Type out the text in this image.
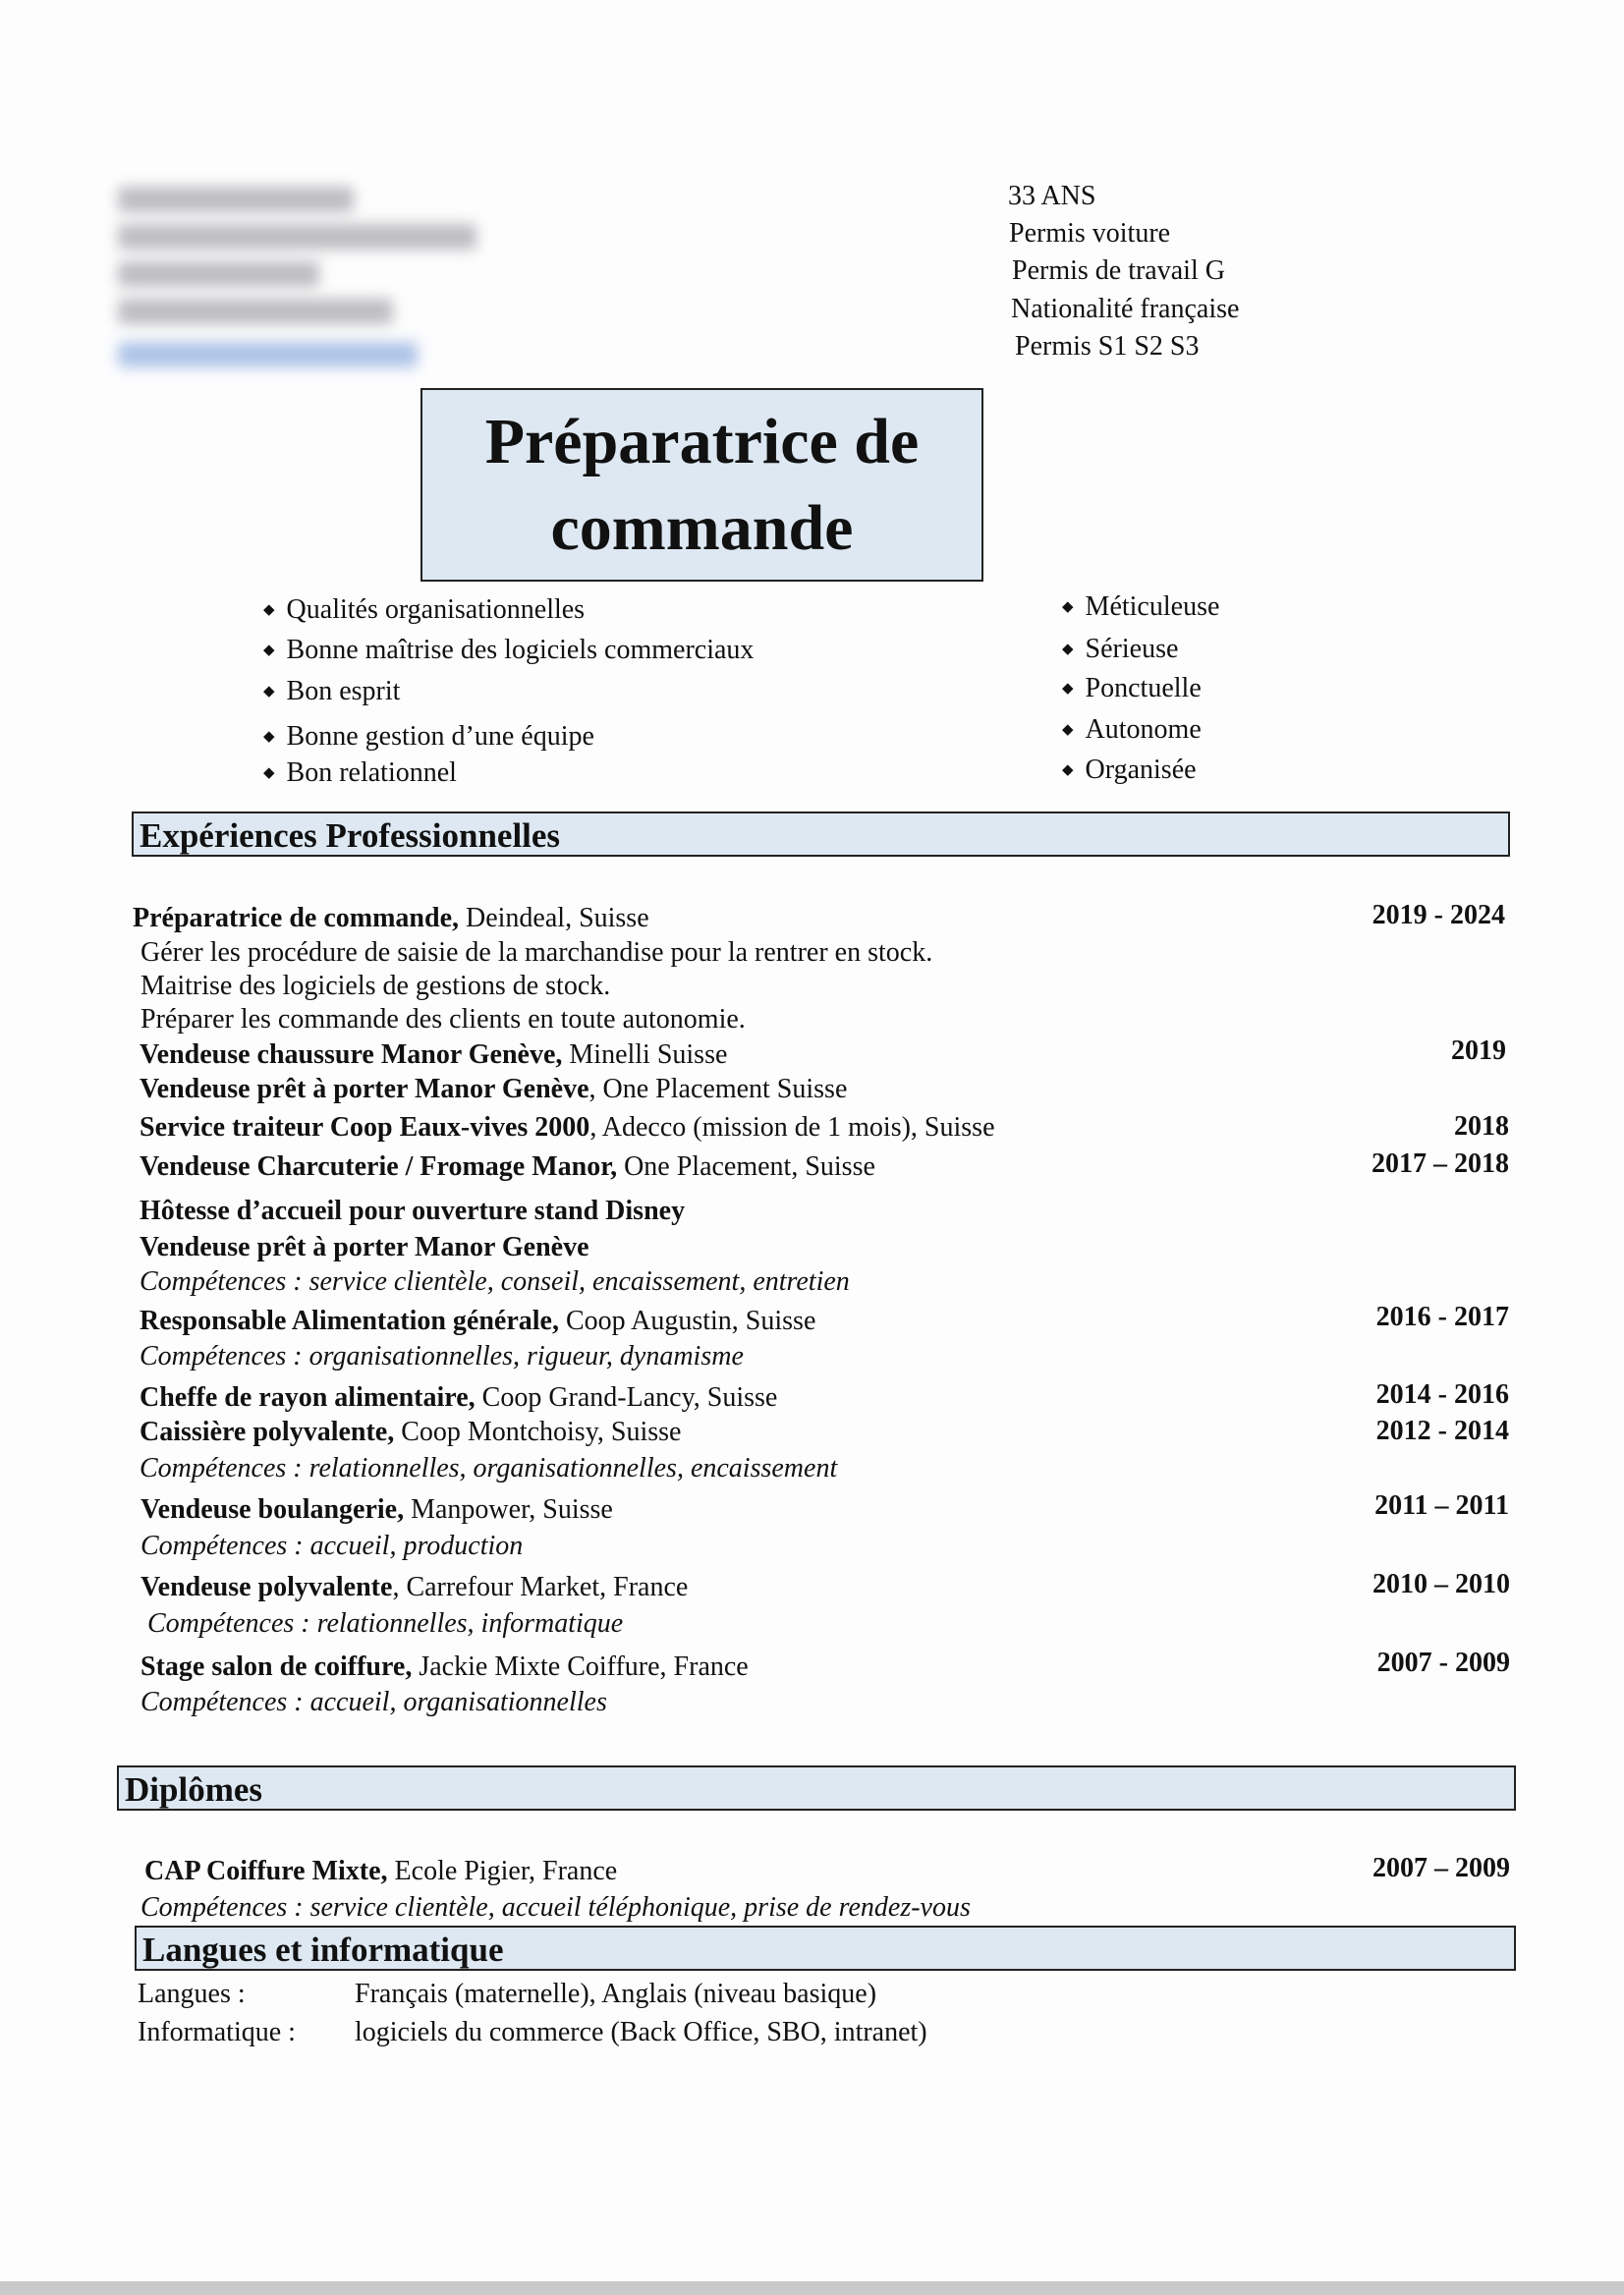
33 ANS
Permis voiture
Permis de travail G
Nationalité française
Permis S1 S2 S3
Préparatrice de commande
◆ Qualités organisationnelles
◆ Bonne maîtrise des logiciels commerciaux
◆ Bon esprit
◆ Bonne gestion d’une équipe
◆ Bon relationnel
◆ Méticuleuse
◆ Sérieuse
◆ Ponctuelle
◆ Autonome
◆ Organisée
Expériences Professionnelles
Préparatrice de commande, Deindeal, Suisse	2019 - 2024
Gérer les procédure de saisie de la marchandise pour la rentrer en stock.
Maitrise des logiciels de gestions de stock.
Préparer les commande des clients en toute autonomie.
Vendeuse chaussure Manor Genève, Minelli Suisse	2019
Vendeuse prêt à porter Manor Genève, One Placement Suisse
Service traiteur Coop Eaux-vives 2000, Adecco (mission de 1 mois), Suisse	2018
Vendeuse Charcuterie / Fromage Manor, One Placement, Suisse	2017 – 2018
Hôtesse d’accueil pour ouverture stand Disney
Vendeuse prêt à porter Manor Genève
Compétences : service clientèle, conseil, encaissement, entretien
Responsable Alimentation générale, Coop Augustin, Suisse	2016 - 2017
Compétences : organisationnelles, rigueur, dynamisme
Cheffe de rayon alimentaire, Coop Grand-Lancy, Suisse	2014 - 2016
Caissière polyvalente, Coop Montchoisy, Suisse	2012 - 2014
Compétences : relationnelles, organisationnelles, encaissement
Vendeuse boulangerie, Manpower, Suisse	2011 – 2011
Compétences : accueil, production
Vendeuse polyvalente, Carrefour Market, France	2010 – 2010
Compétences : relationnelles, informatique
Stage salon de coiffure, Jackie Mixte Coiffure, France	2007 - 2009
Compétences : accueil, organisationnelles
Diplômes
CAP Coiffure Mixte, Ecole Pigier, France	2007 – 2009
Compétences : service clientèle, accueil téléphonique, prise de rendez-vous
Langues et informatique
Langues :	Français (maternelle), Anglais (niveau basique)
Informatique : logiciels du commerce (Back Office, SBO, intranet)
